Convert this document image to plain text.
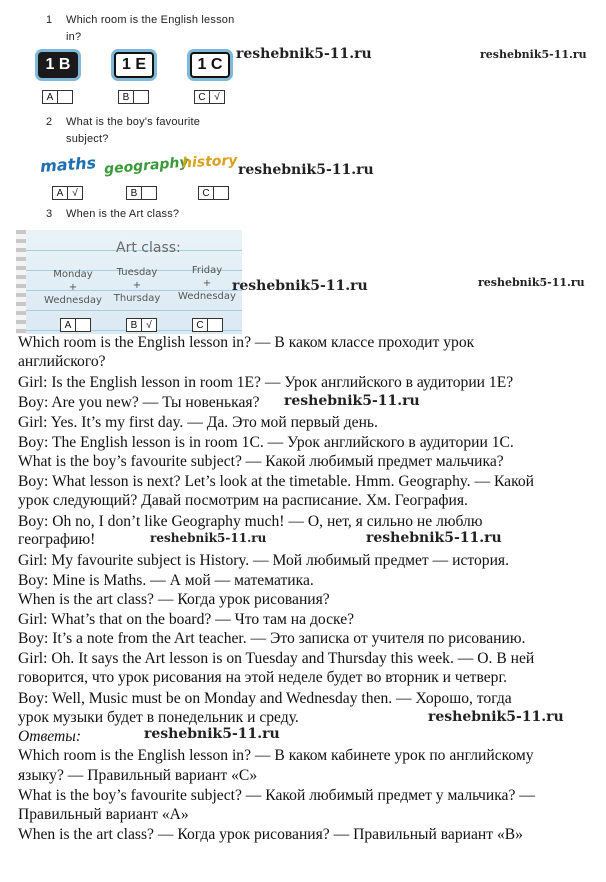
1 Which room is the English lesson
in?
1 B	1 E	1 C
A	B	C √
2 What is the boy's favourite
subject?
maths geography
history
A √	B	C
3 When is the Art class?
Art class:
Monday
+
Wednesday
Tuesday
+
Thursday
Friday
+
Wednesday
A	B √	C
reshebnik5-11.ru	reshebnik5-11.ru
reshebnik5-11.ru
reshebnik5-11.ru	reshebnik5-11.ru
Which room is the English lesson in? — В каком классе проходит урок
английского?
Girl: Is the English lesson in room 1E? — Урок английского в аудитории 1E?
Boy: Are you new? — Ты новенькая?
Girl: Yes. It’s my first day. — Да. Это мой первый день.
Boy: The English lesson is in room 1C. — Урок английского в аудитории 1C.
What is the boy’s favourite subject? — Какой любимый предмет мальчика?
Boy: What lesson is next? Let’s look at the timetable. Hmm. Geography. — Какой
урок следующий? Давай посмотрим на расписание. Хм. География.
Boy: Oh no, I don’t like Geography much! — О, нет, я сильно не люблю
географию!
Girl: My favourite subject is History. — Мой любимый предмет — история.
Boy: Mine is Maths. — А мой — математика.
When is the art class? — Когда урок рисования?
Girl: What’s that on the board? — Что там на доске?
Boy: It’s a note from the Art teacher. — Это записка от учителя по рисованию.
Girl: Oh. It says the Art lesson is on Tuesday and Thursday this week. — О. В ней
говорится, что урок рисования на этой неделе будет во вторник и четверг.
Boy: Well, Music must be on Monday and Wednesday then. — Хорошо, тогда
урок музыки будет в понедельник и среду.
Ответы:
Which room is the English lesson in? — В каком кабинете урок по английскому
языку? — Правильный вариант «C»
What is the boy’s favourite subject? — Какой любимый предмет у мальчика? —
Правильный вариант «A»
When is the art class? — Когда урок рисования? — Правильный вариант «B»
reshebnik5-11.ru
reshebnik5-11.ru	reshebnik5-11.ru
reshebnik5-11.ru
reshebnik5-11.ru
